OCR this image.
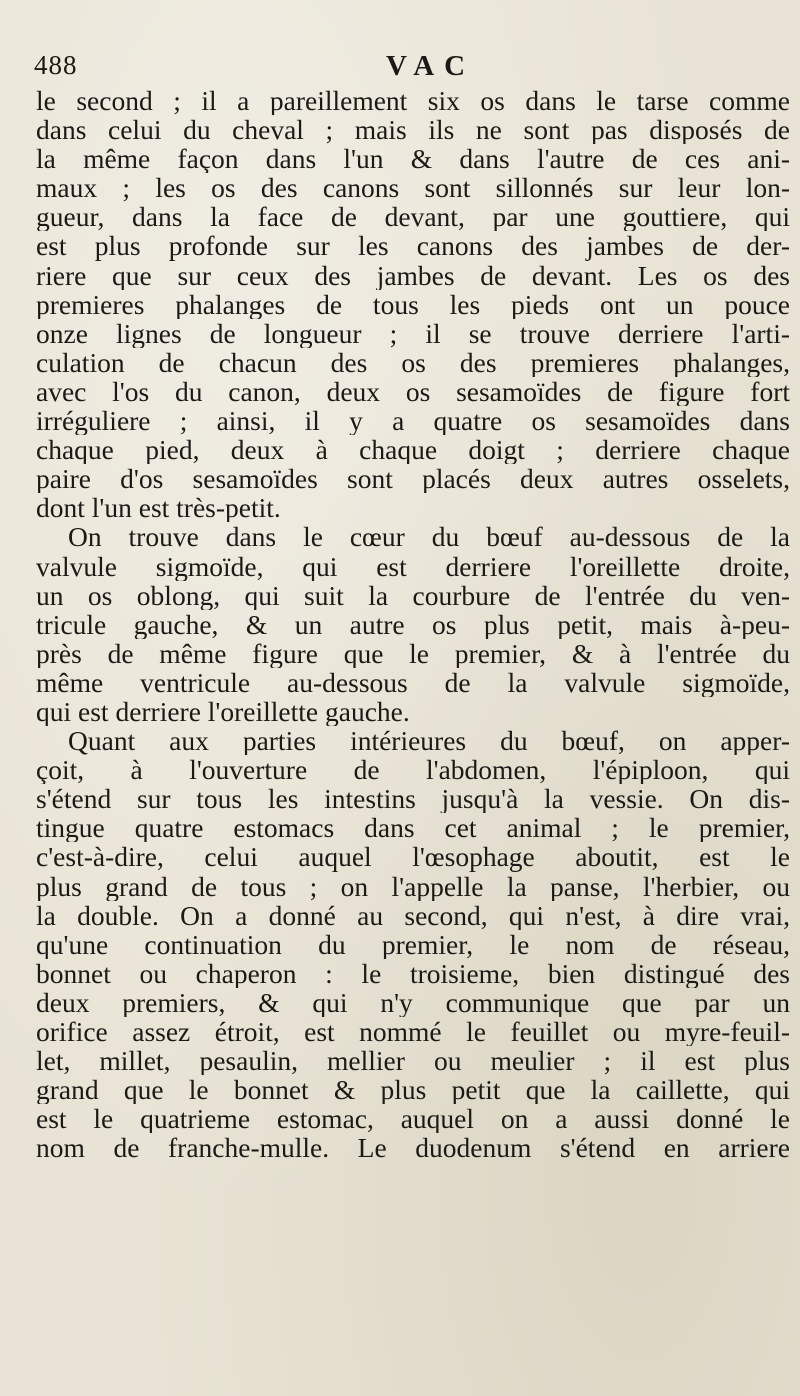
488	VAC
le second ; il a pareillement six os dans le tarse comme
dans celui du cheval ; mais ils ne sont pas disposés de
la même façon dans l'un & dans l'autre de ces ani-
maux ; les os des canons sont sillonnés sur leur lon-
gueur, dans la face de devant, par une gouttiere, qui
est plus profonde sur les canons des jambes de der-
riere que sur ceux des jambes de devant. Les os des
premieres phalanges de tous les pieds ont un pouce
onze lignes de longueur ; il se trouve derriere l'arti-
culation de chacun des os des premieres phalanges,
avec l'os du canon, deux os sesamoïdes de figure fort
irréguliere ; ainsi, il y a quatre os sesamoïdes dans
chaque pied, deux à chaque doigt ; derriere chaque
paire d'os sesamoïdes sont placés deux autres osselets,
dont l'un est très-petit.
On trouve dans le cœur du bœuf au-dessous de la
valvule sigmoïde, qui est derriere l'oreillette droite,
un os oblong, qui suit la courbure de l'entrée du ven-
tricule gauche, & un autre os plus petit, mais à-peu-
près de même figure que le premier, & à l'entrée du
même ventricule au-dessous de la valvule sigmoïde,
qui est derriere l'oreillette gauche.
Quant aux parties intérieures du bœuf, on apper-
çoit, à l'ouverture de l'abdomen, l'épiploon, qui
s'étend sur tous les intestins jusqu'à la vessie. On dis-
tingue quatre estomacs dans cet animal ; le premier,
c'est-à-dire, celui auquel l'œsophage aboutit, est le
plus grand de tous ; on l'appelle la panse, l'herbier, ou
la double. On a donné au second, qui n'est, à dire vrai,
qu'une continuation du premier, le nom de réseau,
bonnet ou chaperon : le troisieme, bien distingué des
deux premiers, & qui n'y communique que par un
orifice assez étroit, est nommé le feuillet ou myre-feuil-
let, millet, pesaulin, mellier ou meulier ; il est plus
grand que le bonnet & plus petit que la caillette, qui
est le quatrieme estomac, auquel on a aussi donné le
nom de franche-mulle. Le duodenum s'étend en arriere
